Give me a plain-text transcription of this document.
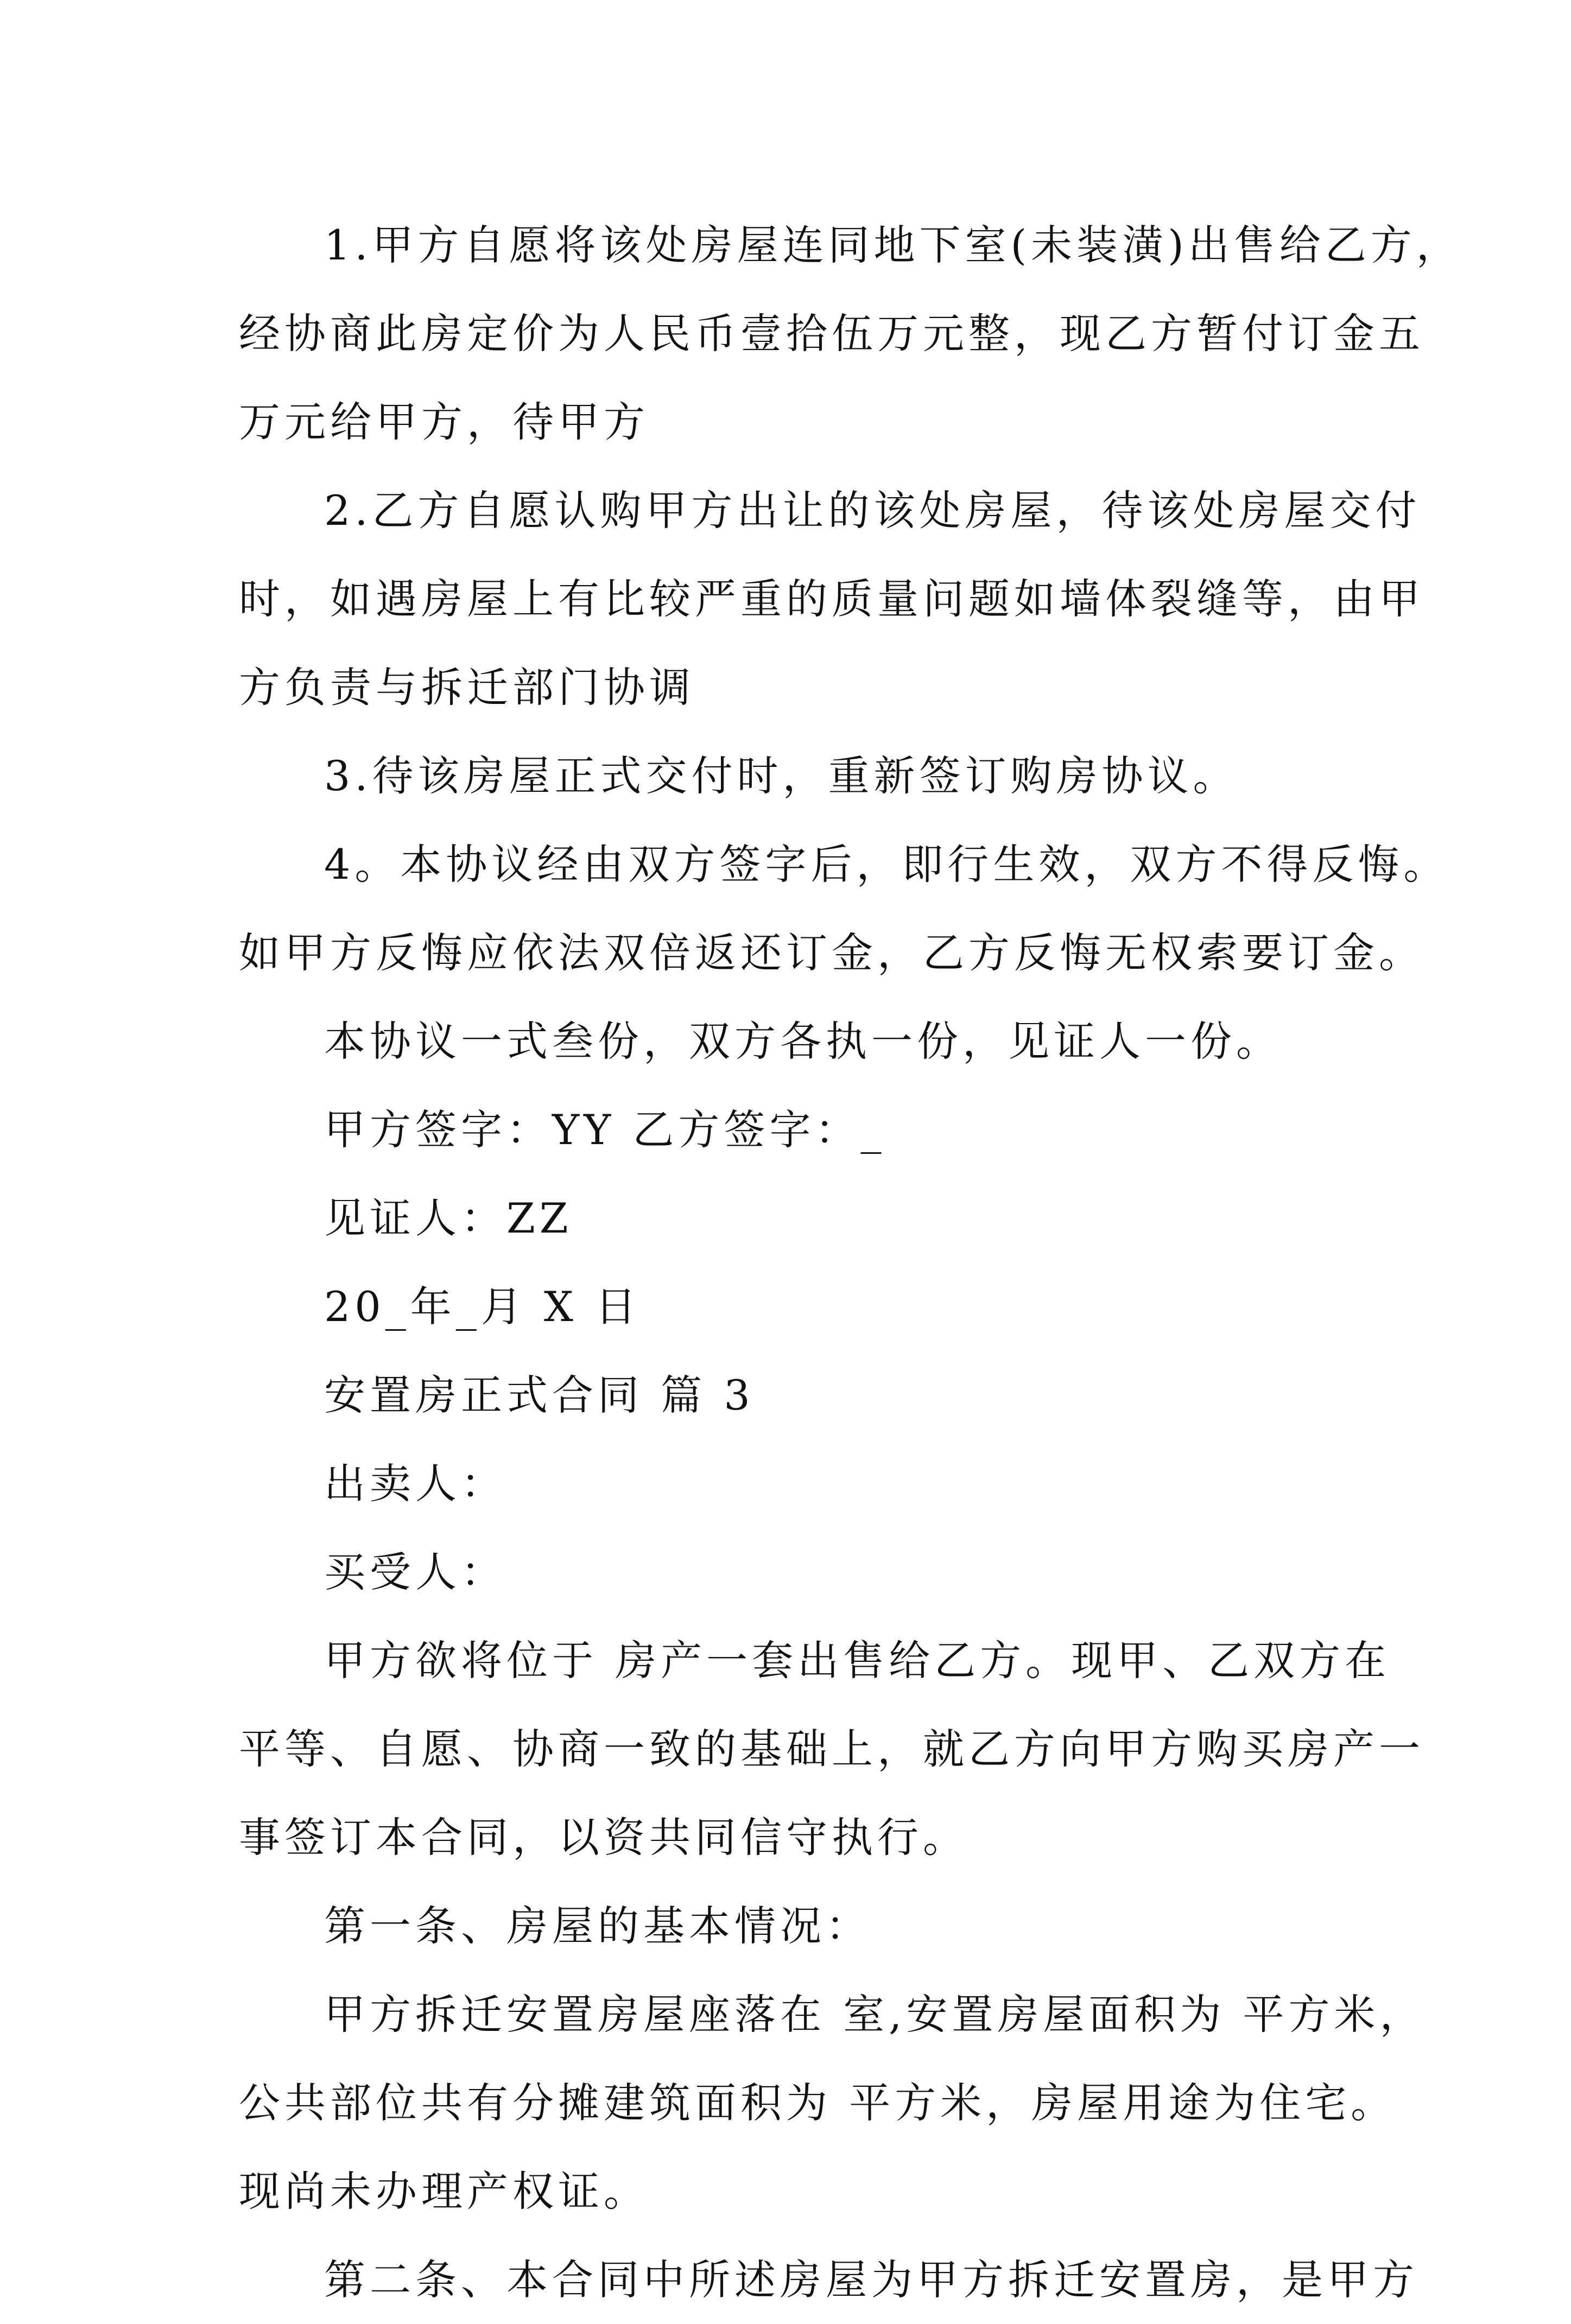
1.甲方自愿将该处房屋连同地下室(未装潢)出售给乙方，
经协商此房定价为人民币壹拾伍万元整，现乙方暂付订金五
万元给甲方，待甲方
2.乙方自愿认购甲方出让的该处房屋，待该处房屋交付
时，如遇房屋上有比较严重的质量问题如墙体裂缝等，由甲
方负责与拆迁部门协调
3.待该房屋正式交付时，重新签订购房协议。
4。本协议经由双方签字后，即行生效，双方不得反悔。
如甲方反悔应依法双倍返还订金，乙方反悔无权索要订金。
本协议一式叁份，双方各执一份，见证人一份。
甲方签字：YY 乙方签字：_
见证人：ZZ
20_年_月 X 日
安置房正式合同 篇 3
出卖人：
买受人：
甲方欲将位于 房产一套出售给乙方。现甲、乙双方在
平等、自愿、协商一致的基础上，就乙方向甲方购买房产一
事签订本合同，以资共同信守执行。
第一条、房屋的基本情况：
甲方拆迁安置房屋座落在 室,安置房屋面积为 平方米，
公共部位共有分摊建筑面积为 平方米，房屋用途为住宅。
现尚未办理产权证。
第二条、本合同中所述房屋为甲方拆迁安置房，是甲方
